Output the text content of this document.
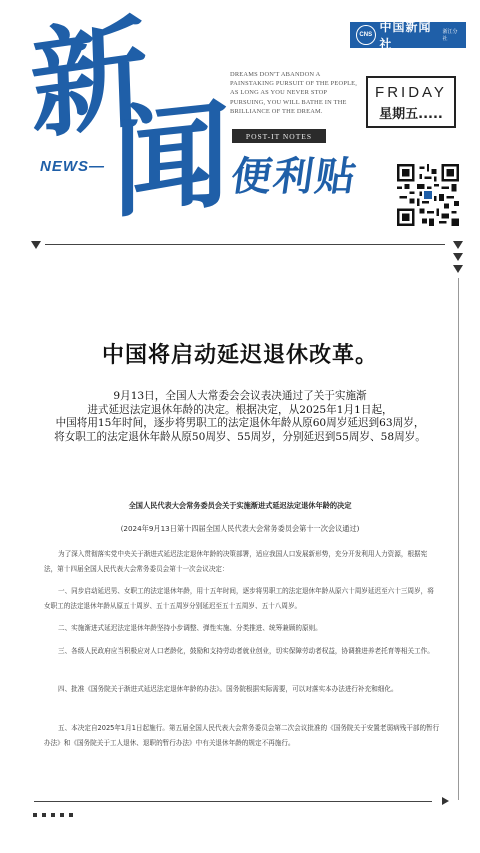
CNS
中国新闻社
浙江分社
新
闻
NEWS—
DREAMS DON'T ABANDON A PAINSTAKING PURSUIT OF THE PEOPLE, AS LONG AS YOU NEVER STOP PURSUING, YOU WILL BATHE IN THE BRILLIANCE OF THE DREAM.
FRIDAY
星期五.....
POST-IT NOTES
便利贴
中国将启动延迟退休改革。
9月13日，全国人大常委会会议表决通过了关于实施渐
进式延迟法定退休年龄的决定。根据决定，从2025年1月1日起，
中国将用15年时间，逐步将男职工的法定退休年龄从原60周岁延迟到63周岁，
将女职工的法定退休年龄从原50周岁、55周岁，分别延迟到55周岁、58周岁。
全国人民代表大会常务委员会关于实施渐进式延迟法定退休年龄的决定
(2024年9月13日第十四届全国人民代表大会常务委员会第十一次会议通过)
为了深入贯彻落实党中央关于渐进式延迟法定退休年龄的决策部署，适应我国人口发展新形势，充分开发利用人力资源，根据宪法，第十四届全国人民代表大会常务委员会第十一次会议决定：
一、同步启动延迟男、女职工的法定退休年龄，用十五年时间，逐步将男职工的法定退休年龄从原六十周岁延迟至六十三周岁，将女职工的法定退休年龄从原五十周岁、五十五周岁分别延迟至五十五周岁、五十八周岁。
二、实施渐进式延迟法定退休年龄坚持小步调整、弹性实施、分类推进、统筹兼顾的原则。
三、各级人民政府应当积极应对人口老龄化，鼓励和支持劳动者就业创业，切实保障劳动者权益，协调推进养老托育等相关工作。
四、批准《国务院关于渐进式延迟法定退休年龄的办法》。国务院根据实际需要，可以对落实本办法进行补充和细化。
五、本决定自2025年1月1日起施行。第五届全国人民代表大会常务委员会第二次会议批准的《国务院关于安置老弱病残干部的暂行办法》和《国务院关于工人退休、退职的暂行办法》中有关退休年龄的规定不再施行。
